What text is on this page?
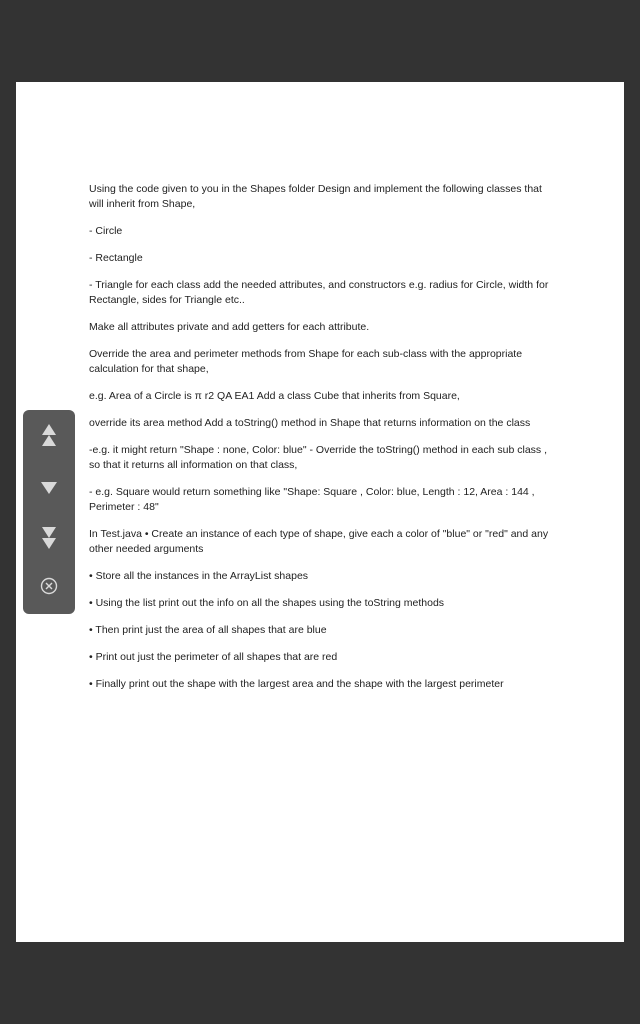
Using the code given to you in the Shapes folder Design and implement the following classes that will inherit from Shape,

- Circle

- Rectangle

- Triangle for each class add the needed attributes, and constructors e.g. radius for Circle, width for Rectangle, sides for Triangle etc..

Make all attributes private and add getters for each attribute.

Override the area and perimeter methods from Shape for each sub-class with the appropriate calculation for that shape,

e.g. Area of a Circle is π r2 QA EA1 Add a class Cube that inherits from Square,

override its area method Add a toString() method in Shape that returns information on the class

-e.g. it might return "Shape : none, Color: blue" - Override the toString() method in each sub class , so that it returns all information on that class,

- e.g. Square would return something like "Shape: Square , Color: blue, Length : 12, Area : 144 , Perimeter : 48"

In Test.java • Create an instance of each type of shape, give each a color of "blue" or "red" and any other needed arguments

• Store all the instances in the ArrayList shapes

• Using the list print out the info on all the shapes using the toString methods

• Then print just the area of all shapes that are blue

• Print out just the perimeter of all shapes that are red

• Finally print out the shape with the largest area and the shape with the largest perimeter
